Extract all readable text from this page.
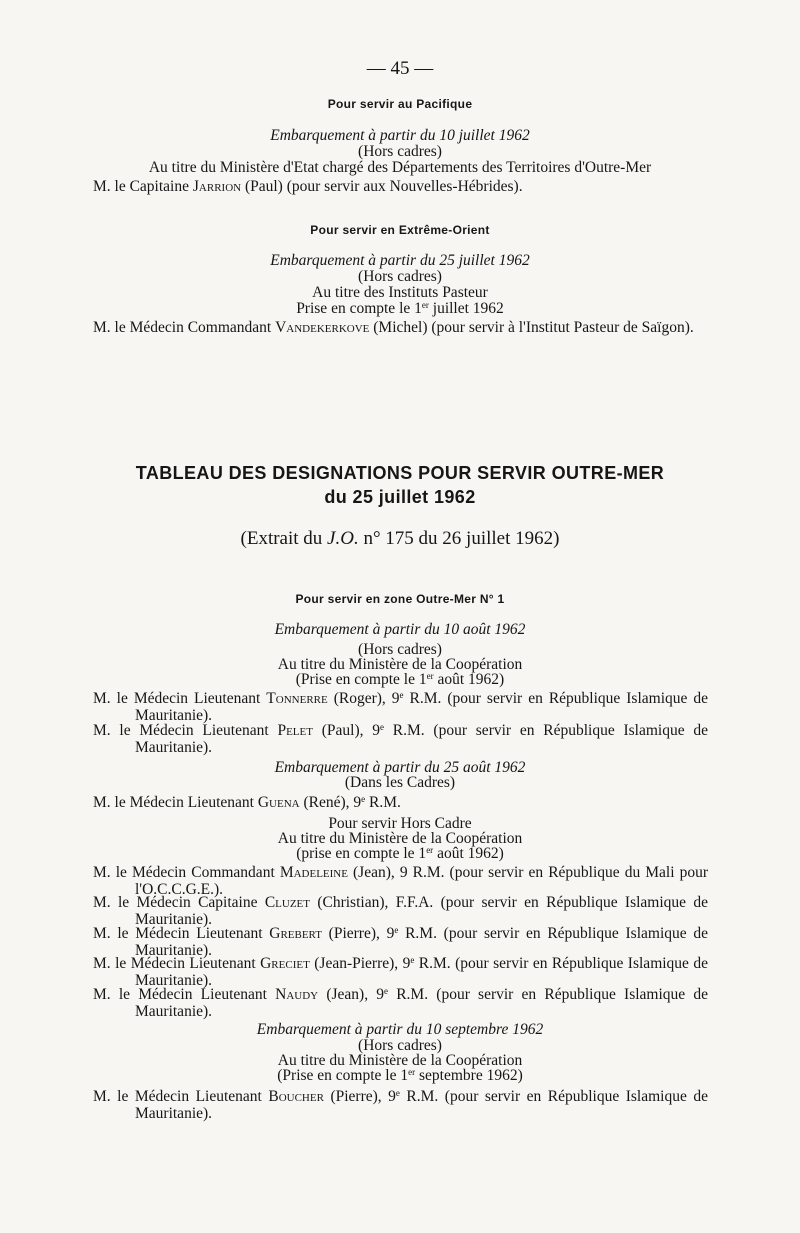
— 45 —
Pour servir au Pacifique
Embarquement à partir du 10 juillet 1962
(Hors cadres)
Au titre du Ministère d'Etat chargé des Départements des Territoires d'Outre-Mer
M. le Capitaine Jarrion (Paul) (pour servir aux Nouvelles-Hébrides).
Pour servir en Extrême-Orient
Embarquement à partir du 25 juillet 1962
(Hors cadres)
Au titre des Instituts Pasteur
Prise en compte le 1er juillet 1962
M. le Médecin Commandant Vandekerkove (Michel) (pour servir à l'Institut Pasteur de Saïgon).
TABLEAU DES DESIGNATIONS POUR SERVIR OUTRE-MER
du 25 juillet 1962
(Extrait du J.O. n° 175 du 26 juillet 1962)
Pour servir en zone Outre-Mer N° 1
Embarquement à partir du 10 août 1962
(Hors cadres)
Au titre du Ministère de la Coopération
(Prise en compte le 1er août 1962)
M. le Médecin Lieutenant Tonnerre (Roger), 9e R.M. (pour servir en République Islamique de Mauritanie).
M. le Médecin Lieutenant Pelet (Paul), 9e R.M. (pour servir en République Islamique de Mauritanie).
Embarquement à partir du 25 août 1962
(Dans les Cadres)
M. le Médecin Lieutenant Guena (René), 9e R.M.
Pour servir Hors Cadre
Au titre du Ministère de la Coopération
(prise en compte le 1er août 1962)
M. le Médecin Commandant Madeleine (Jean), 9 R.M. (pour servir en République du Mali pour l'O.C.C.G.E.).
M. le Médecin Capitaine Cluzet (Christian), F.F.A. (pour servir en République Islamique de Mauritanie).
M. le Médecin Lieutenant Grebert (Pierre), 9e R.M. (pour servir en République Islamique de Mauritanie).
M. le Médecin Lieutenant Greciet (Jean-Pierre), 9e R.M. (pour servir en République Islamique de Mauritanie).
M. le Médecin Lieutenant Naudy (Jean), 9e R.M. (pour servir en République Islamique de Mauritanie).
Embarquement à partir du 10 septembre 1962
(Hors cadres)
Au titre du Ministère de la Coopération
(Prise en compte le 1er septembre 1962)
M. le Médecin Lieutenant Boucher (Pierre), 9e R.M. (pour servir en République Islamique de Mauritanie).
